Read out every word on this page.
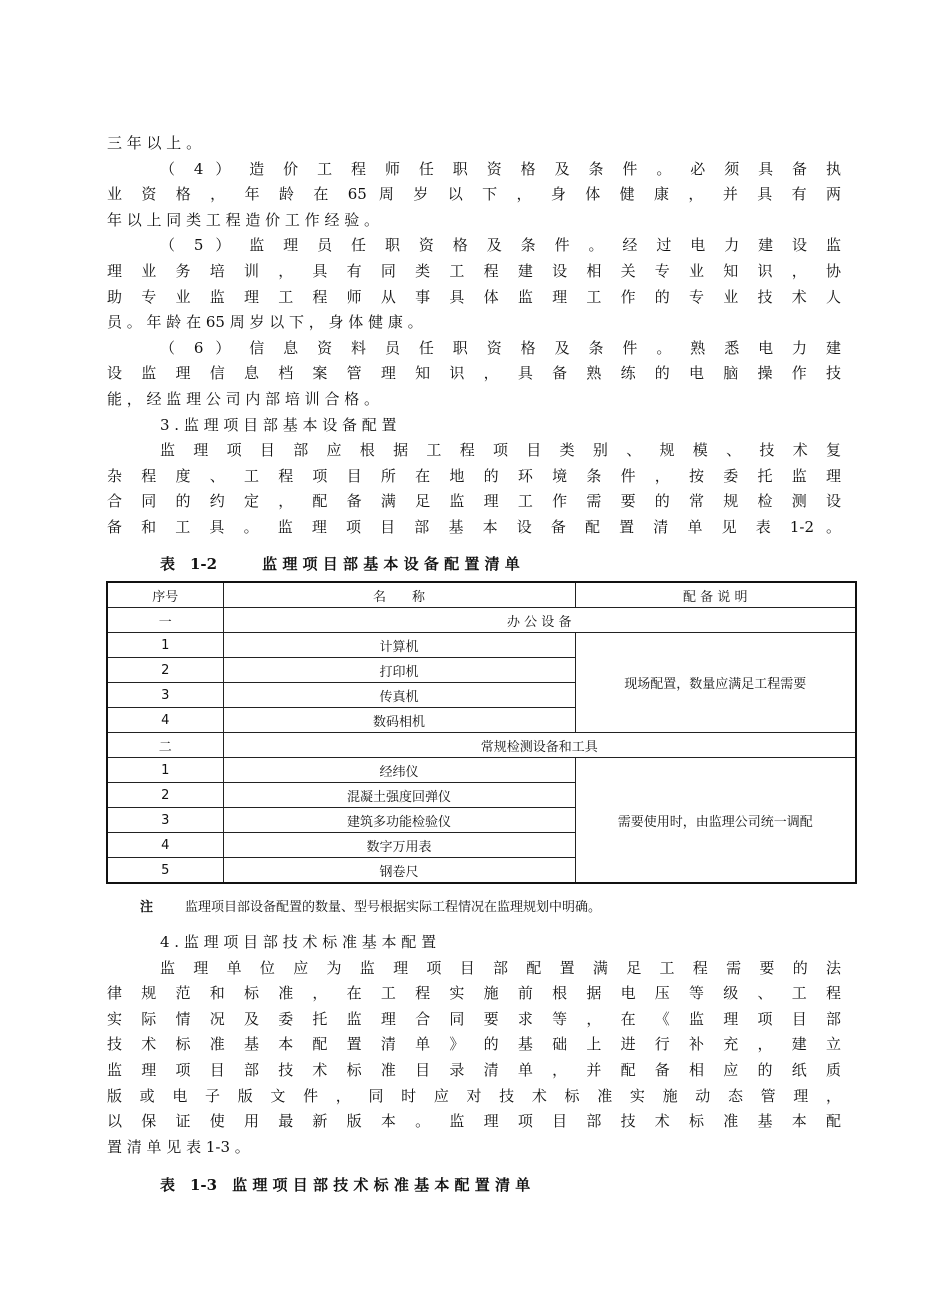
三 年 以 上 。
（ 4 ） 造 价 工 程 师 任 职 资 格 及 条 件 。 必 须 具 备 执
业 资 格 ， 年 龄 在 65 周 岁 以 下 ， 身 体 健 康 ， 并 具 有 两
年 以 上 同 类 工 程 造 价 工 作 经 验 。
（ 5 ） 监 理 员 任 职 资 格 及 条 件 。 经 过 电 力 建 设 监
理 业 务 培 训 ， 具 有 同 类 工 程 建 设 相 关 专 业 知 识 ， 协
助 专 业 监 理 工 程 师 从 事 具 体 监 理 工 作 的 专 业 技 术 人
员 。 年 龄 在 65 周 岁 以 下 ， 身 体 健 康 。
（ 6 ） 信 息 资 料 员 任 职 资 格 及 条 件 。 熟 悉 电 力 建
设 监 理 信 息 档 案 管 理 知 识 ， 具 备 熟 练 的 电 脑 操 作 技
能 ， 经 监 理 公 司 内 部 培 训 合 格 。
3 . 监 理 项 目 部 基 本 设 备 配 置
监 理 项 目 部 应 根 据 工 程 项 目 类 别 、 规 模 、 技 术 复
杂 程 度 、 工 程 项 目 所 在 地 的 环 境 条 件 ， 按 委 托 监 理
合 同 的 约 定 ， 配 备 满 足 监 理 工 作 需 要 的 常 规 检 测 设
备 和 工 具 。 监 理 项 目 部 基 本 设 备 配 置 清 单 见 表 1-2 。
表　1-2　　　监 理 项 目 部 基 本 设 备 配 置 清 单
序号	名　　称	配 备 说 明
一	办 公 设 备	
1	计算机	现场配置，数量应满足工程需要
2	打印机	
3	传真机	
4	数码相机	
二	常规检测设备和工具	
1	经纬仪	需要使用时，由监理公司统一调配
2	混凝土强度回弹仪	
3	建筑多功能检验仪	
4	数字万用表	
5	钢卷尺	
注 监理项目部设备配置的数量、型号根据实际工程情况在监理规划中明确。
4 . 监 理 项 目 部 技 术 标 准 基 本 配 置
监 理 单 位 应 为 监 理 项 目 部 配 置 满 足 工 程 需 要 的 法
律 规 范 和 标 准 ， 在 工 程 实 施 前 根 据 电 压 等 级 、 工 程
实 际 情 况 及 委 托 监 理 合 同 要 求 等 ， 在 《 监 理 项 目 部
技 术 标 准 基 本 配 置 清 单 》 的 基 础 上 进 行 补 充 ， 建 立
监 理 项 目 部 技 术 标 准 目 录 清 单 ， 并 配 备 相 应 的 纸 质
版 或 电 子 版 文 件 ， 同 时 应 对 技 术 标 准 实 施 动 态 管 理 ，
以 保 证 使 用 最 新 版 本 。 监 理 项 目 部 技 术 标 准 基 本 配
置 清 单 见 表 1-3 。
表　1-3　监 理 项 目 部 技 术 标 准 基 本 配 置 清 单
